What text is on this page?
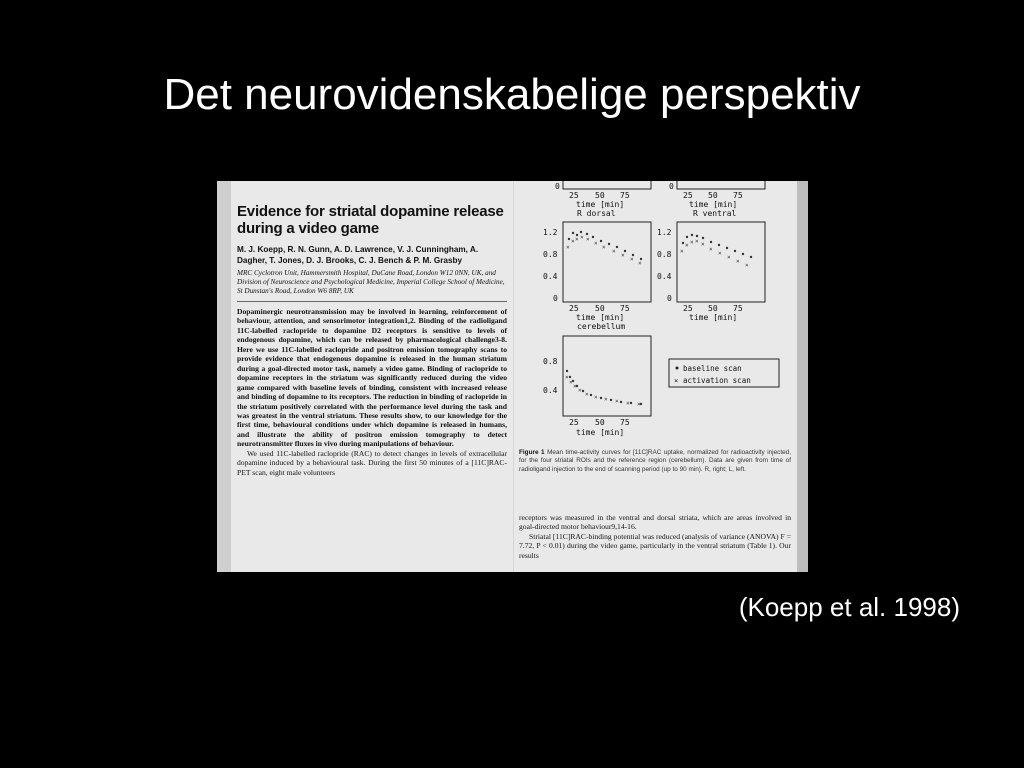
Det neurovidenskabelige perspektiv
Evidence for striatal dopamine release during a video game
M. J. Koepp, R. N. Gunn, A. D. Lawrence, V. J. Cunningham, A. Dagher, T. Jones, D. J. Brooks, C. J. Bench & P. M. Grasby
MRC Cyclotron Unit, Hammersmith Hospital, DuCane Road, London W12 0NN, UK, and Division of Neuroscience and Psychological Medicine, Imperial College School of Medicine, St Dunstan's Road, London W6 8RP, UK

Dopaminergic neurotransmission may be involved in learning, reinforcement of behaviour, attention, and sensorimotor integration1,2. Binding of the radioligand 11C-labelled raclopride to dopamine D2 receptors is sensitive to levels of endogenous dopamine, which can be released by pharmacological challenge3-8. Here we use 11C-labelled raclopride and positron emission tomography scans to provide evidence that endogenous dopamine is released in the human striatum during a goal-directed motor task, namely a video game. Binding of raclopride to dopamine receptors in the striatum was significantly reduced during the video game compared with baseline levels of binding, consistent with increased release and binding of dopamine to its receptors. The reduction in binding of raclopride in the striatum positively correlated with the performance level during the task and was greatest in the ventral striatum. These results show, to our knowledge for the first time, behavioural conditions under which dopamine is released in humans, and illustrate the ability of positron emission tomography to detect neurotransmitter fluxes in vivo during manipulations of behaviour.

We used 11C-labelled raclopride (RAC) to detect changes in levels of extracellular dopamine induced by a behavioural task. During the first 50 minutes of a [11C]RAC-PET scan, eight male volunteers

0
25 50 75
time [min]
R dorsal
0
25 50 75
time [min]
R ventral
1.2
0.8
0.4
0
25 50 75
time [min]
cerebellum
×
× × × ×
×
×
×
×
×
×
1.2
0.8
0.4
0
25 50 75
time [min]
×
× × × ×
×
×
×
×
×
0.8
0.4
25 50 75
time [min]
×
×
×
×
× × × × × ×
baseline scan
× activation scan
Figure 1 Mean time-activity curves for [11C]RAC uptake, normalized for radioactivity injected, for the four striatal ROIs and the reference region (cerebellum). Data are given from time of radioligand injection to the end of scanning period (up to 90 min). R, right; L, left.

receptors was measured in the ventral and dorsal striata, which are areas involved in goal-directed motor behaviour9,14-16.

Striatal [11C]RAC-binding potential was reduced (analysis of variance (ANOVA) F = 7.72, P < 0.01) during the video game, particularly in the ventral striatum (Table 1). Our results

(Koepp et al. 1998)
